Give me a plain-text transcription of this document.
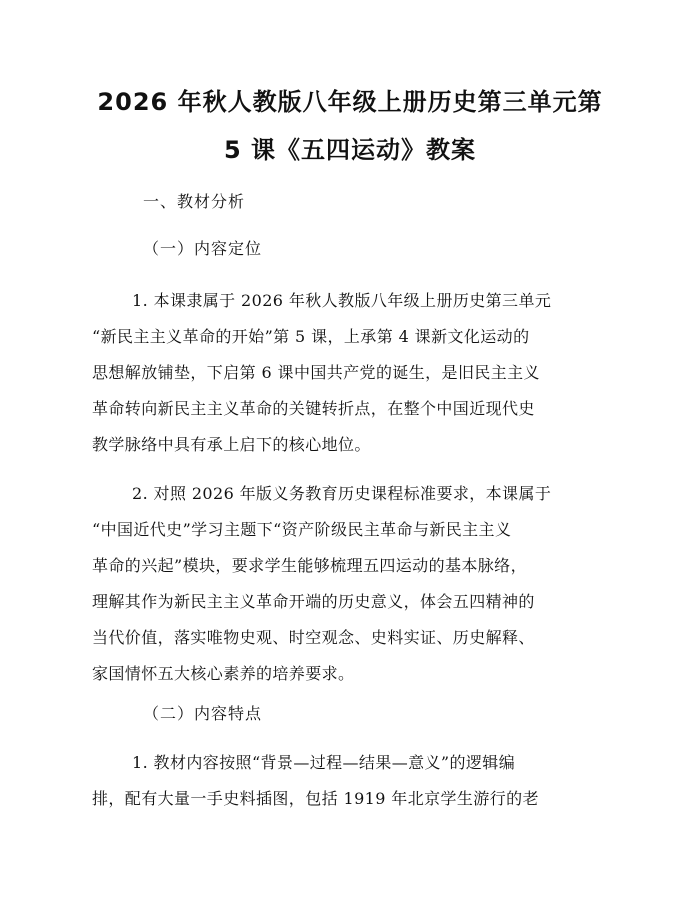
2026 年秋人教版八年级上册历史第三单元第
5 课《五四运动》教案
一、教材分析
（一）内容定位
1. 本课隶属于 2026 年秋人教版八年级上册历史第三单元
“新民主主义革命的开始”第 5 课，上承第 4 课新文化运动的
思想解放铺垫，下启第 6 课中国共产党的诞生，是旧民主主义
革命转向新民主主义革命的关键转折点，在整个中国近现代史
教学脉络中具有承上启下的核心地位。
2. 对照 2026 年版义务教育历史课程标准要求，本课属于
“中国近代史”学习主题下“资产阶级民主革命与新民主主义
革命的兴起”模块，要求学生能够梳理五四运动的基本脉络，
理解其作为新民主主义革命开端的历史意义，体会五四精神的
当代价值，落实唯物史观、时空观念、史料实证、历史解释、
家国情怀五大核心素养的培养要求。
（二）内容特点
1. 教材内容按照“背景—过程—结果—意义”的逻辑编
排，配有大量一手史料插图，包括 1919 年北京学生游行的老
